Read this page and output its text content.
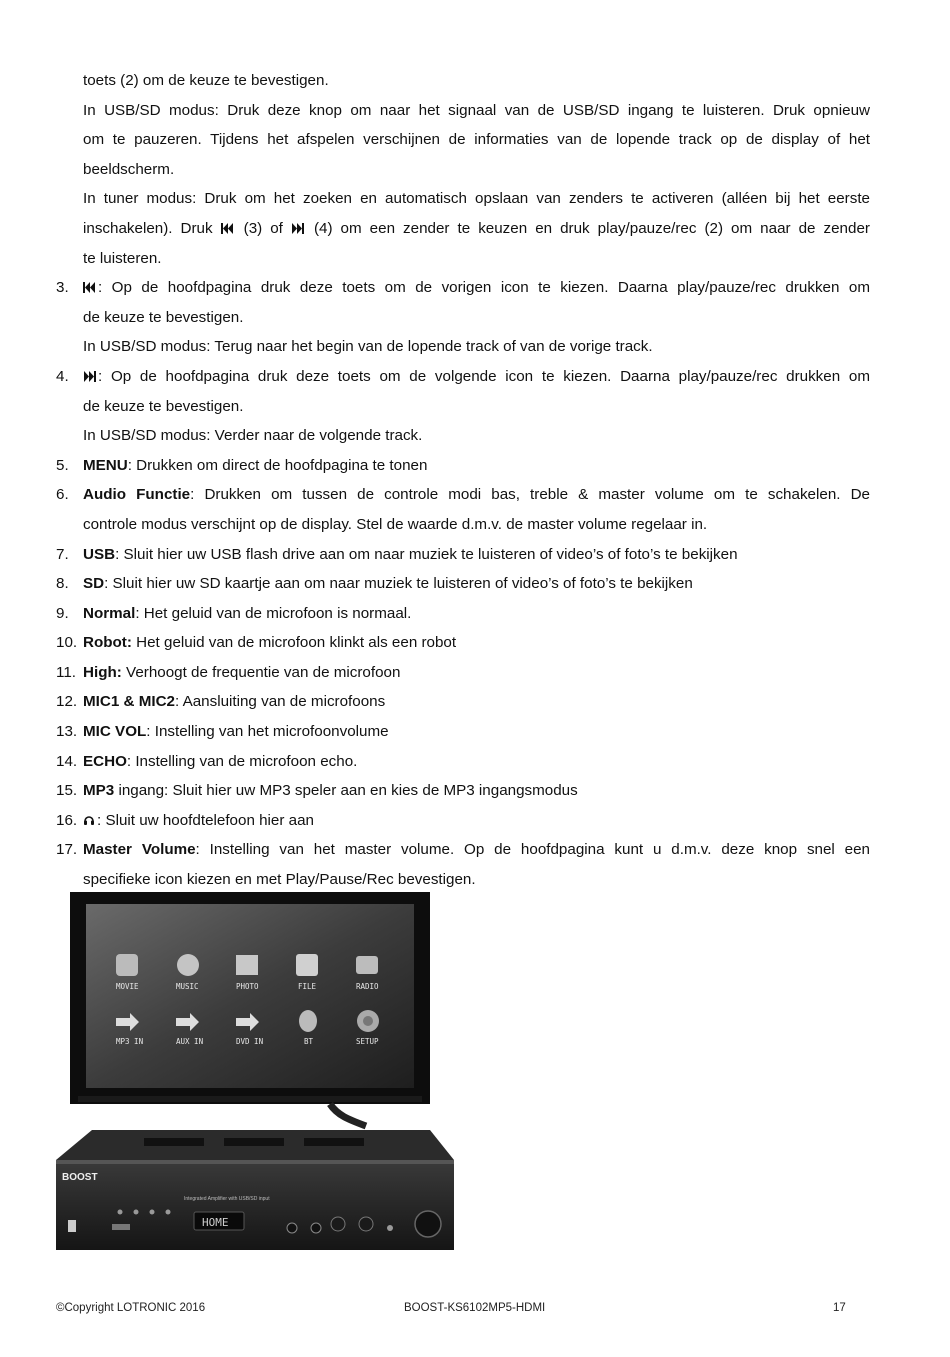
toets (2) om de keuze te bevestigen.
In USB/SD modus: Druk deze knop om naar het signaal van de USB/SD ingang te luisteren. Druk opnieuw
om te pauzeren. Tijdens het afspelen verschijnen de informaties van de lopende track op de display of het
beeldscherm.
In tuner modus: Druk om het zoeken en automatisch opslaan van zenders te activeren (alléen bij het eerste
inschakelen). Druk (3) of (4) om een zender te keuzen en druk play/pauze/rec (2) om naar de zender
te luisteren.
3.	: Op de hoofdpagina druk deze toets om de vorigen icon te kiezen. Daarna play/pauze/rec drukken om
de keuze te bevestigen.
In USB/SD modus: Terug naar het begin van de lopende track of van de vorige track.
4.	: Op de hoofdpagina druk deze toets om de volgende icon te kiezen. Daarna play/pauze/rec drukken om
de keuze te bevestigen.
In USB/SD modus: Verder naar de volgende track.
5. MENU: Drukken om direct de hoofdpagina te tonen
6. Audio Functie: Drukken om tussen de controle modi bas, treble & master volume om te schakelen. De
controle modus verschijnt op de display. Stel de waarde d.m.v. de master volume regelaar in.
7. USB: Sluit hier uw USB flash drive aan om naar muziek te luisteren of video’s of foto’s te bekijken
8. SD: Sluit hier uw SD kaartje aan om naar muziek te luisteren of video’s of foto’s te bekijken
9. Normal: Het geluid van de microfoon is normaal.
10. Robot: Het geluid van de microfoon klinkt als een robot
11. High: Verhoogt de frequentie van de microfoon
12. MIC1 & MIC2: Aansluiting van de microfoons
13. MIC VOL: Instelling van het microfoonvolume
14. ECHO: Instelling van de microfoon echo.
15. MP3 ingang: Sluit hier uw MP3 speler aan en kies de MP3 ingangsmodus
16.	: Sluit uw hoofdtelefoon hier aan
17. Master Volume: Instelling van het master volume. Op de hoofdpagina kunt u d.m.v. deze knop snel een
specifieke icon kiezen en met Play/Pause/Rec bevestigen.
MOVIE	MUSIC	PHOTO	FILE	RADIO
MP3 IN	AUX IN	DVD IN	BT	SETUP
BOOST
Integrated Amplifier with USB/SD input
HOME
©Copyright LOTRONIC 2016	BOOST-KS6102MP5-HDMI	17
